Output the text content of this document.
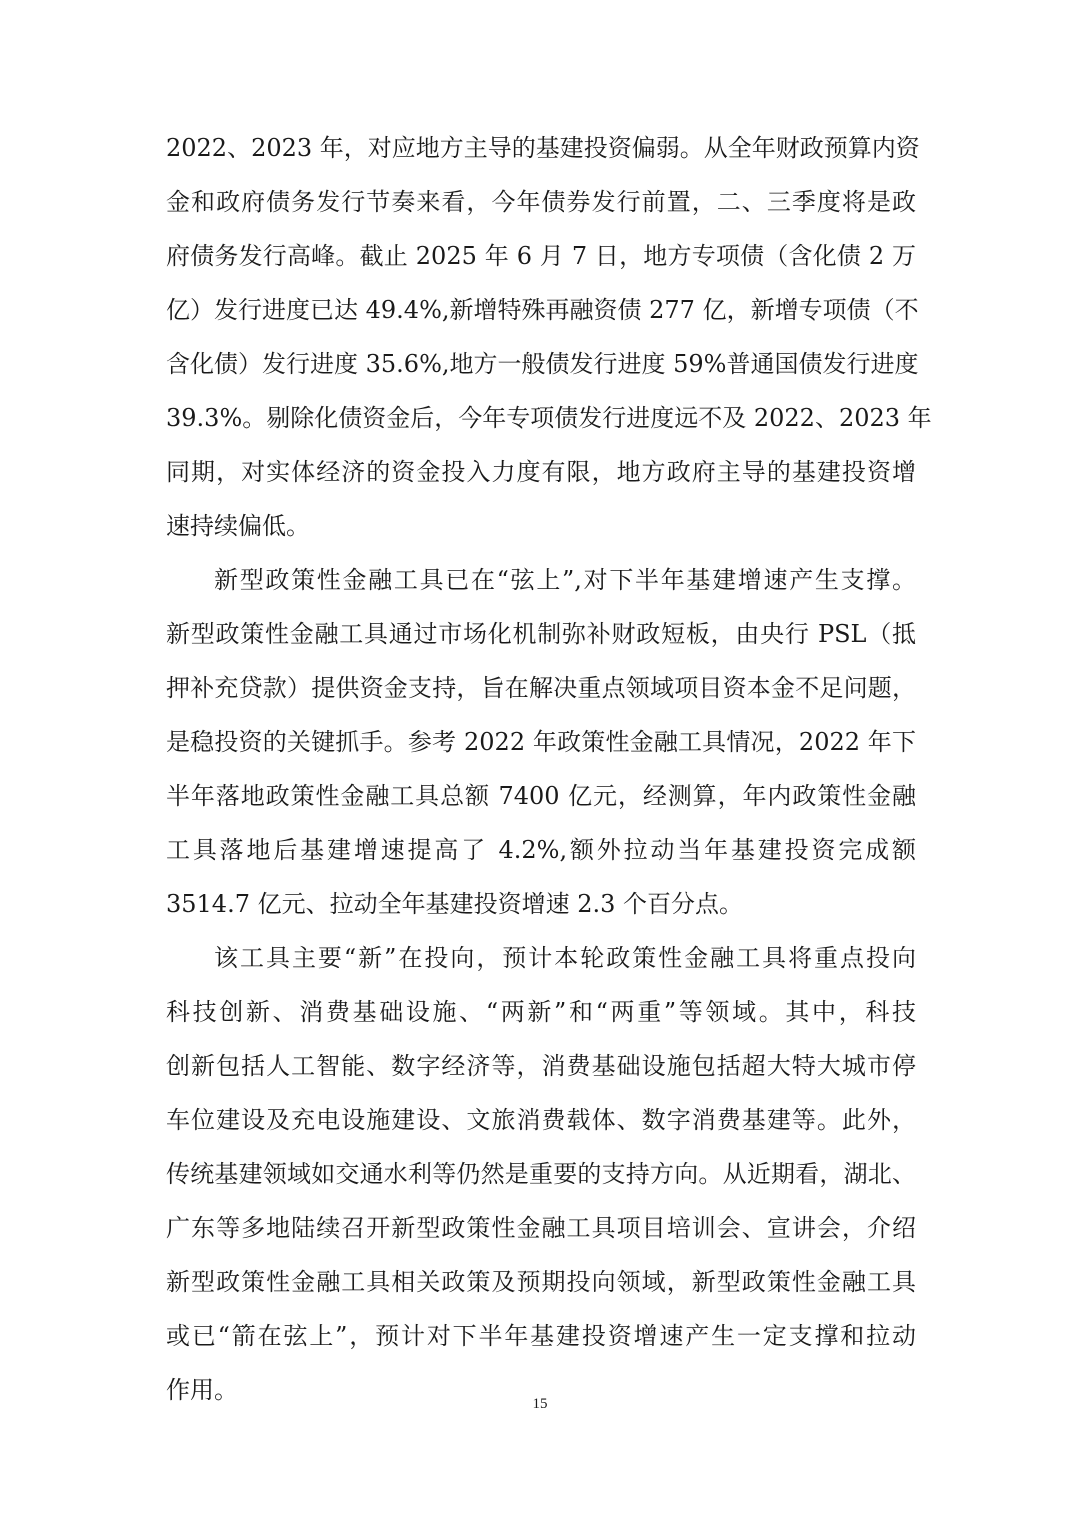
2022、2023 年，对应地方主导的基建投资偏弱。从全年财政预算内资
金和政府债务发行节奏来看，今年债券发行前置，二、三季度将是政
府债务发行高峰。截止 2025 年 6 月 7 日，地方专项债（含化债 2 万
亿）发行进度已达 49.4%,新增特殊再融资债 277 亿，新增专项债（不
含化债）发行进度 35.6%,地方一般债发行进度 59%普通国债发行进度
39.3%。剔除化债资金后，今年专项债发行进度远不及 2022、2023 年
同期，对实体经济的资金投入力度有限，地方政府主导的基建投资增
速持续偏低。
新型政策性金融工具已在“弦上”,对下半年基建增速产生支撑。
新型政策性金融工具通过市场化机制弥补财政短板，由央行 PSL（抵
押补充贷款）提供资金支持，旨在解决重点领域项目资本金不足问题，
是稳投资的关键抓手。参考 2022 年政策性金融工具情况，2022 年下
半年落地政策性金融工具总额 7400 亿元，经测算，年内政策性金融
工具落地后基建增速提高了 4.2%,额外拉动当年基建投资完成额
3514.7 亿元、拉动全年基建投资增速 2.3 个百分点。
该工具主要“新”在投向，预计本轮政策性金融工具将重点投向
科技创新、消费基础设施、“两新”和“两重”等领域。其中，科技
创新包括人工智能、数字经济等，消费基础设施包括超大特大城市停
车位建设及充电设施建设、文旅消费载体、数字消费基建等。此外，
传统基建领域如交通水利等仍然是重要的支持方向。从近期看，湖北、
广东等多地陆续召开新型政策性金融工具项目培训会、宣讲会，介绍
新型政策性金融工具相关政策及预期投向领域，新型政策性金融工具
或已“箭在弦上”，预计对下半年基建投资增速产生一定支撑和拉动
作用。	15
